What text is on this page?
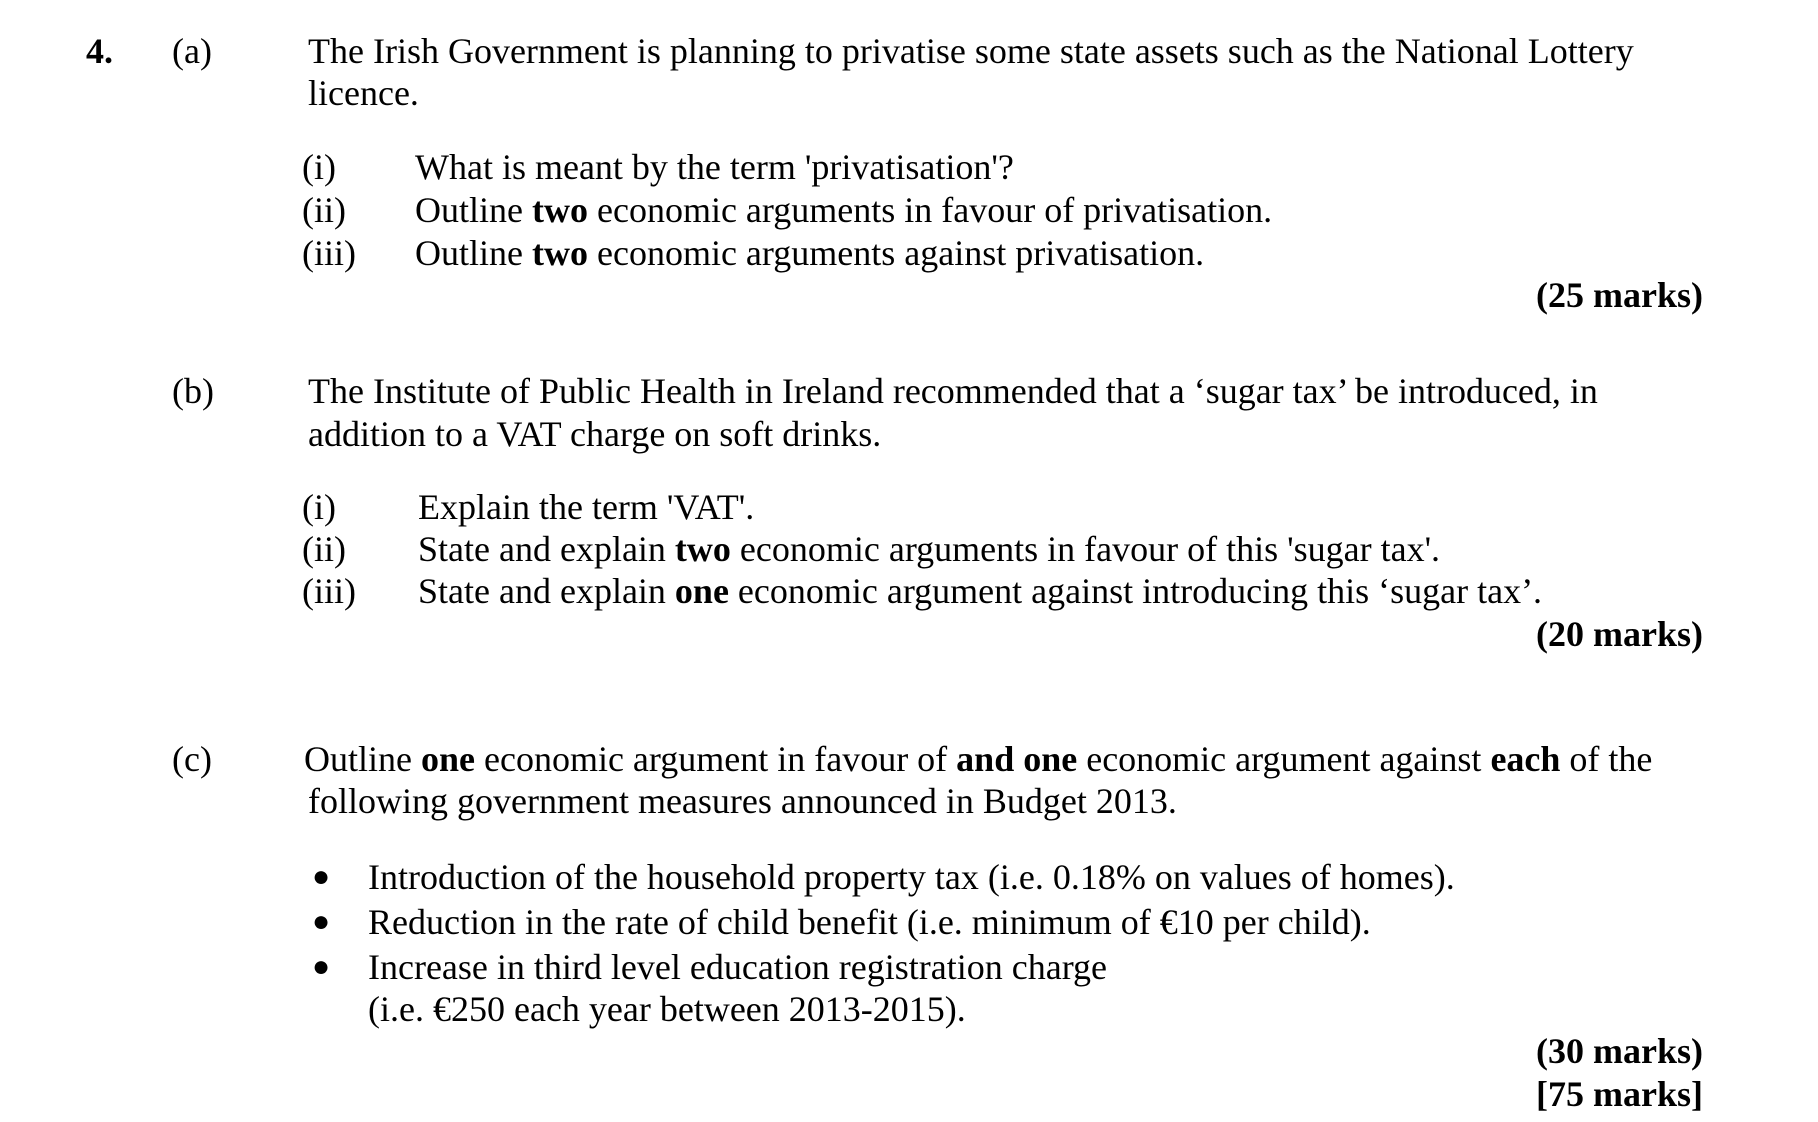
4. (a)	The Irish Government is planning to privatise some state assets such as the National Lottery
licence.
(i) What is meant by the term 'privatisation'?
(ii) Outline two economic arguments in favour of privatisation.
(iii) Outline two economic arguments against privatisation.
(25 marks)
(b)	The Institute of Public Health in Ireland recommended that a ‘sugar tax’ be introduced, in
addition to a VAT charge on soft drinks.
(i) Explain the term 'VAT'.
(ii) State and explain two economic arguments in favour of this 'sugar tax'.
(iii) State and explain one economic argument against introducing this ‘sugar tax’.
(20 marks)
(c)	Outline one economic argument in favour of and one economic argument against each of the
following government measures announced in Budget 2013.
● Introduction of the household property tax (i.e. 0.18% on values of homes).
● Reduction in the rate of child benefit (i.e. minimum of €10 per child).
● Increase in third level education registration charge
(i.e. €250 each year between 2013-2015).
(30 marks)
[75 marks]
